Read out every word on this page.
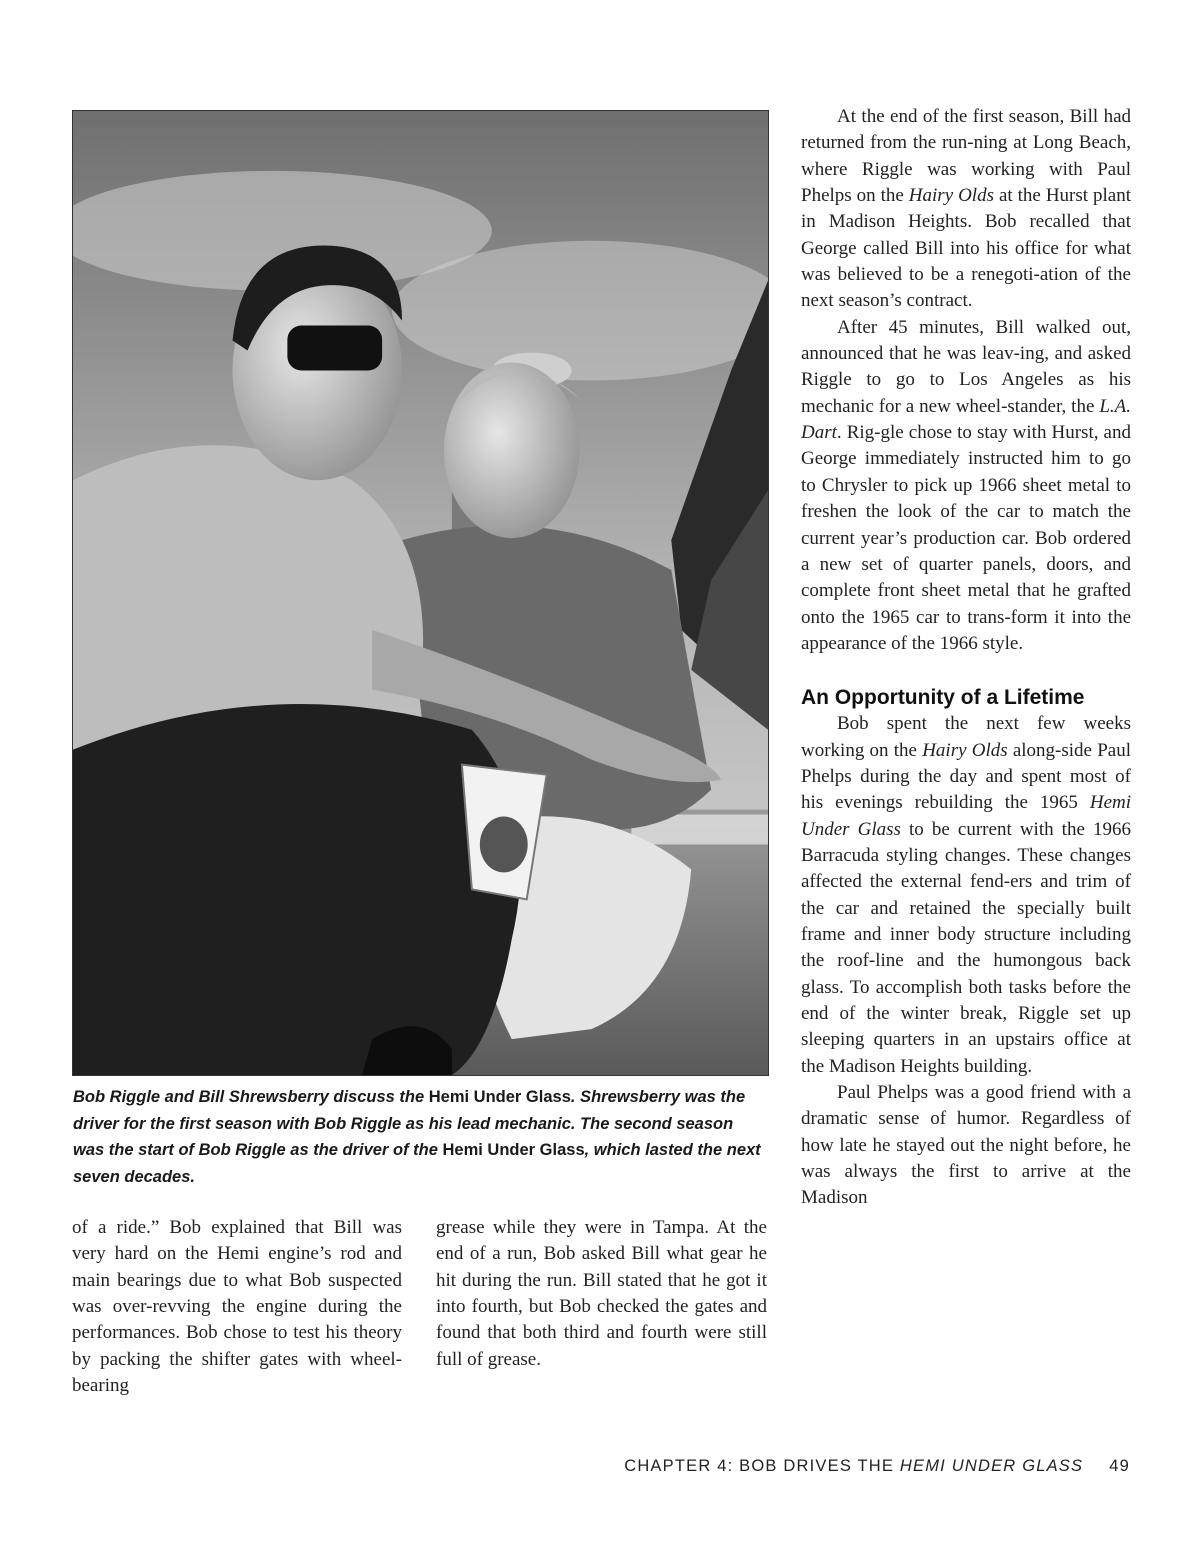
Bob Riggle and Bill Shrewsberry discuss the Hemi Under Glass. Shrewsberry was the driver for the first season with Bob Riggle as his lead mechanic. The second season was the start of Bob Riggle as the driver of the Hemi Under Glass, which lasted the next seven decades.

of a ride.” Bob explained that Bill was very hard on the Hemi engine’s rod and main bearings due to what Bob suspected was over-revving the engine during the performances. Bob chose to test his theory by packing the shifter gates with wheel-bearing

grease while they were in Tampa. At the end of a run, Bob asked Bill what gear he hit during the run. Bill stated that he got it into fourth, but Bob checked the gates and found that both third and fourth were still full of grease.

At the end of the first season, Bill had returned from the run-ning at Long Beach, where Riggle was working with Paul Phelps on the Hairy Olds at the Hurst plant in Madison Heights. Bob recalled that George called Bill into his office for what was believed to be a renegoti-ation of the next season’s contract.

After 45 minutes, Bill walked out, announced that he was leav-ing, and asked Riggle to go to Los Angeles as his mechanic for a new wheel-stander, the L.A. Dart. Rig-gle chose to stay with Hurst, and George immediately instructed him to go to Chrysler to pick up 1966 sheet metal to freshen the look of the car to match the current year’s production car. Bob ordered a new set of quarter panels, doors, and complete front sheet metal that he grafted onto the 1965 car to trans-form it into the appearance of the 1966 style.

An Opportunity of a Lifetime

Bob spent the next few weeks working on the Hairy Olds along-side Paul Phelps during the day and spent most of his evenings rebuilding the 1965 Hemi Under Glass to be current with the 1966 Barracuda styling changes. These changes affected the external fend-ers and trim of the car and retained the specially built frame and inner body structure including the roof-line and the humongous back glass. To accomplish both tasks before the end of the winter break, Riggle set up sleeping quarters in an upstairs office at the Madison Heights building.

Paul Phelps was a good friend with a dramatic sense of humor. Regardless of how late he stayed out the night before, he was always the first to arrive at the Madison

CHAPTER 4: BOB DRIVES THE HEMI UNDER GLASS 49
